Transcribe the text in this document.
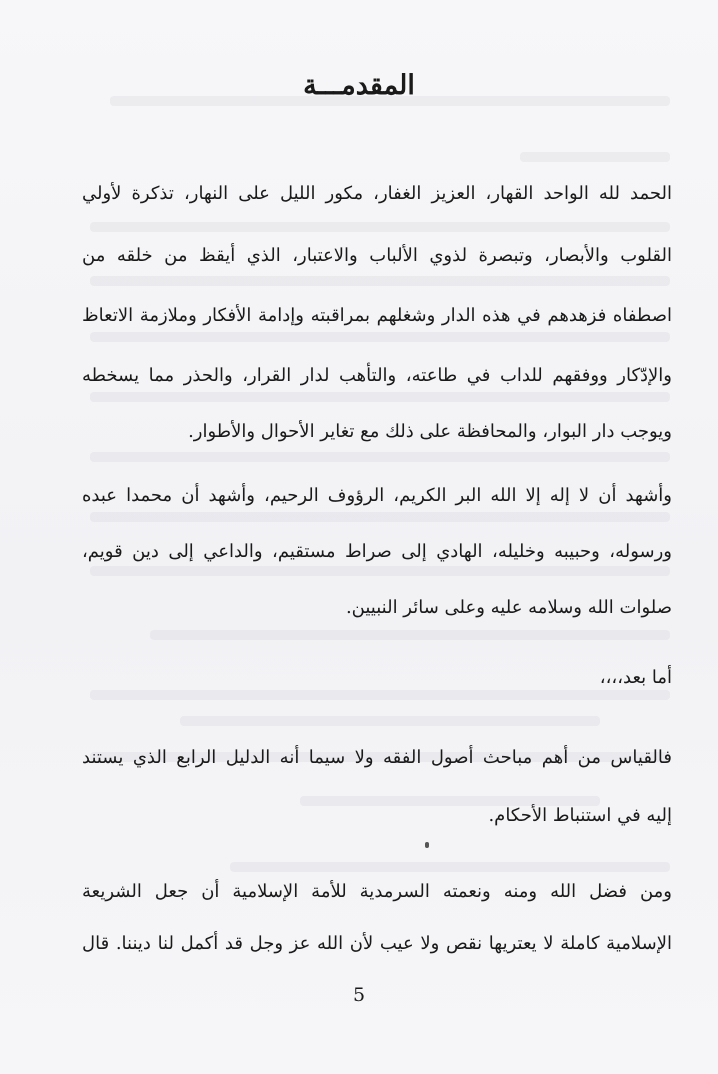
المقدمـــة
الحمد لله الواحد القهار، العزيز الغفار، مكور الليل على النهار، تذكرة لأولي
القلوب والأبصار، وتبصرة لذوي الألباب والاعتبار، الذي أيقظ من خلقه من
اصطفاه فزهدهم في هذه الدار وشغلهم بمراقبته وإدامة الأفكار وملازمة الاتعاظ
والإدّكار ووفقهم للداب في طاعته، والتأهب لدار القرار، والحذر مما يسخطه
ويوجب دار البوار، والمحافظة على ذلك مع تغاير الأحوال والأطوار.
وأشهد أن لا إله إلا الله البر الكريم، الرؤوف الرحيم، وأشهد أن محمدا عبده
ورسوله، وحبيبه وخليله، الهادي إلى صراط مستقيم، والداعي إلى دين قويم،
صلوات الله وسلامه عليه وعلى سائر النبيين.
أما بعد،،،،
فالقياس من أهم مباحث أصول الفقه ولا سيما أنه الدليل الرابع الذي يستند
إليه في استنباط الأحكام.
ومن فضل الله ومنه ونعمته السرمدية للأمة الإسلامية أن جعل الشريعة
الإسلامية كاملة لا يعتريها نقص ولا عيب لأن الله عز وجل قد أكمل لنا ديننا. قال
5
